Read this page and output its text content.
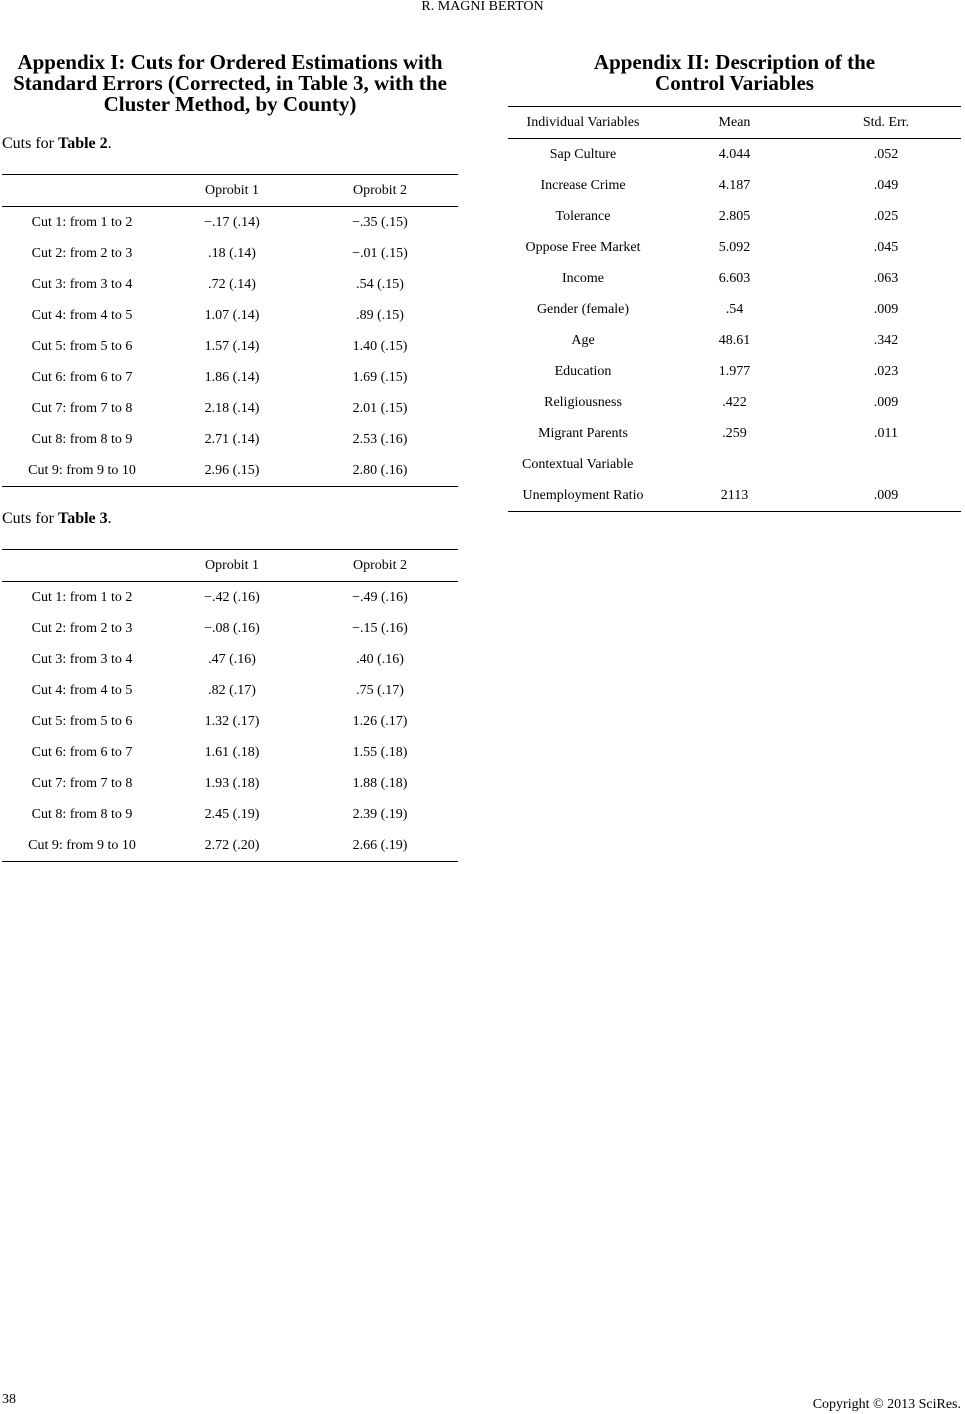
R. MAGNI BERTON
Appendix I: Cuts for Ordered Estimations with Standard Errors (Corrected, in Table 3, with the Cluster Method, by County)

Cuts for Table 2.

	Oprobit 1	Oprobit 2
Cut 1: from 1 to 2	−.17 (.14)	−.35 (.15)
Cut 2: from 2 to 3	.18 (.14)	−.01 (.15)
Cut 3: from 3 to 4	.72 (.14)	.54 (.15)
Cut 4: from 4 to 5	1.07 (.14)	.89 (.15)
Cut 5: from 5 to 6	1.57 (.14)	1.40 (.15)
Cut 6: from 6 to 7	1.86 (.14)	1.69 (.15)
Cut 7: from 7 to 8	2.18 (.14)	2.01 (.15)
Cut 8: from 8 to 9	2.71 (.14)	2.53 (.16)
Cut 9: from 9 to 10	2.96 (.15)	2.80 (.16)

Cuts for Table 3.

	Oprobit 1	Oprobit 2
Cut 1: from 1 to 2	−.42 (.16)	−.49 (.16)
Cut 2: from 2 to 3	−.08 (.16)	−.15 (.16)
Cut 3: from 3 to 4	.47 (.16)	.40 (.16)
Cut 4: from 4 to 5	.82 (.17)	.75 (.17)
Cut 5: from 5 to 6	1.32 (.17)	1.26 (.17)
Cut 6: from 6 to 7	1.61 (.18)	1.55 (.18)
Cut 7: from 7 to 8	1.93 (.18)	1.88 (.18)
Cut 8: from 8 to 9	2.45 (.19)	2.39 (.19)
Cut 9: from 9 to 10	2.72 (.20)	2.66 (.19)
Appendix II: Description of the Control Variables
Individual Variables	Mean	Std. Err.
Sap Culture	4.044	.052
Increase Crime	4.187	.049
Tolerance	2.805	.025
Oppose Free Market	5.092	.045
Income	6.603	.063
Gender (female)	.54	.009
Age	48.61	.342
Education	1.977	.023
Religiousness	.422	.009
Migrant Parents	.259	.011
Contextual Variable		
Unemployment Ratio	2113	.009
38	Copyright © 2013 SciRes.
